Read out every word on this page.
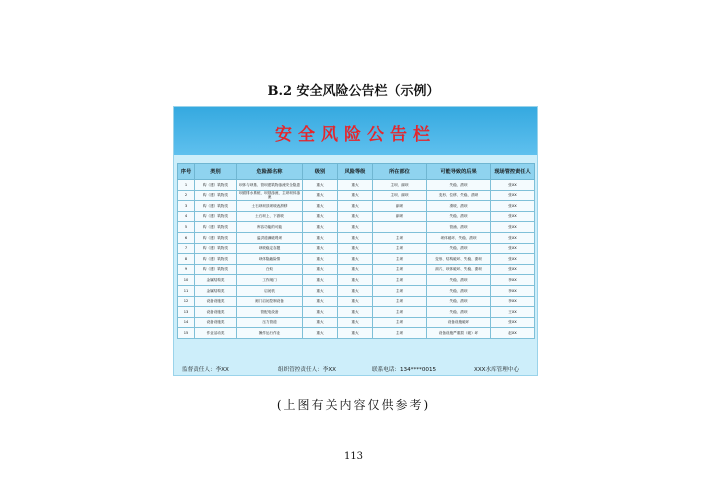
B.2 安全风险公告栏（示例）
安全风险公告栏
序号	类别	危险源名称	级别	风险等级	所在部位	可能导致的后果	现场管控责任人
1	构（建）筑物类	坝体与坝基、管坝建筑物渗流安全隐患	重大	重大	主坝、副坝	失稳、溃坝	张XX
2	构（建）筑物类	坝面排水系统、坝基渗流、主坝坝体渗流	重大	重大	主坝、副坝	变形、位移、失稳、溃坝	张XX
3	构（建）筑物类	土石坝坝顶坝坡表滑移	重大	重大	副坝	滑坡、溃坝	张XX
4	构（建）筑物类	土石坝上、下游坡	重大	重大	副坝	失稳、溃坝	张XX
5	构（建）筑物类	库容功能的可能	重大	重大		管涌、溃坝	张XX
6	构（建）筑物类	溢洪道满破堤坝	重大	重大	主坝	坝体破坏、失稳、溃坝	张XX
7	构（建）筑物类	坝坡稳定存题	重大	重大	主坝	失稳、溃坝	张XX
8	构（建）筑物类	坝体隐蔽险情	重大	重大	主坝	变形、结构破坏、失稳、溃坝	张XX
9	构（建）筑物类	白蚁	重大	重大	主坝	洞穴、坝体破坏、失稳、溃坝	张XX
10	金属结构类	工作闸门	重大	重大	主坝	失稳、溃坝	李XX
11	金属结构类	启闭机	重大	重大	主坝	失稳、溃坝	李XX
12	设备设施类	闸门启闭控制设备	重大	重大	主坝	失稳、溃坝	李XX
13	设备设施类	管配电设备	重大	重大	主坝	失稳、溃坝	王XX
14	设备设施类	压力管道	重大	重大	主坝	设备设施破坏	张XX
15	作业活动类	操作运行作业	重大	重大	主坝	设备设施严重损（破）坏	赵XX
监督责任人：李XX	组织管控责任人：李XX	联系电话：134****0015	XXX水库管理中心
(上图有关内容仅供参考)
113
